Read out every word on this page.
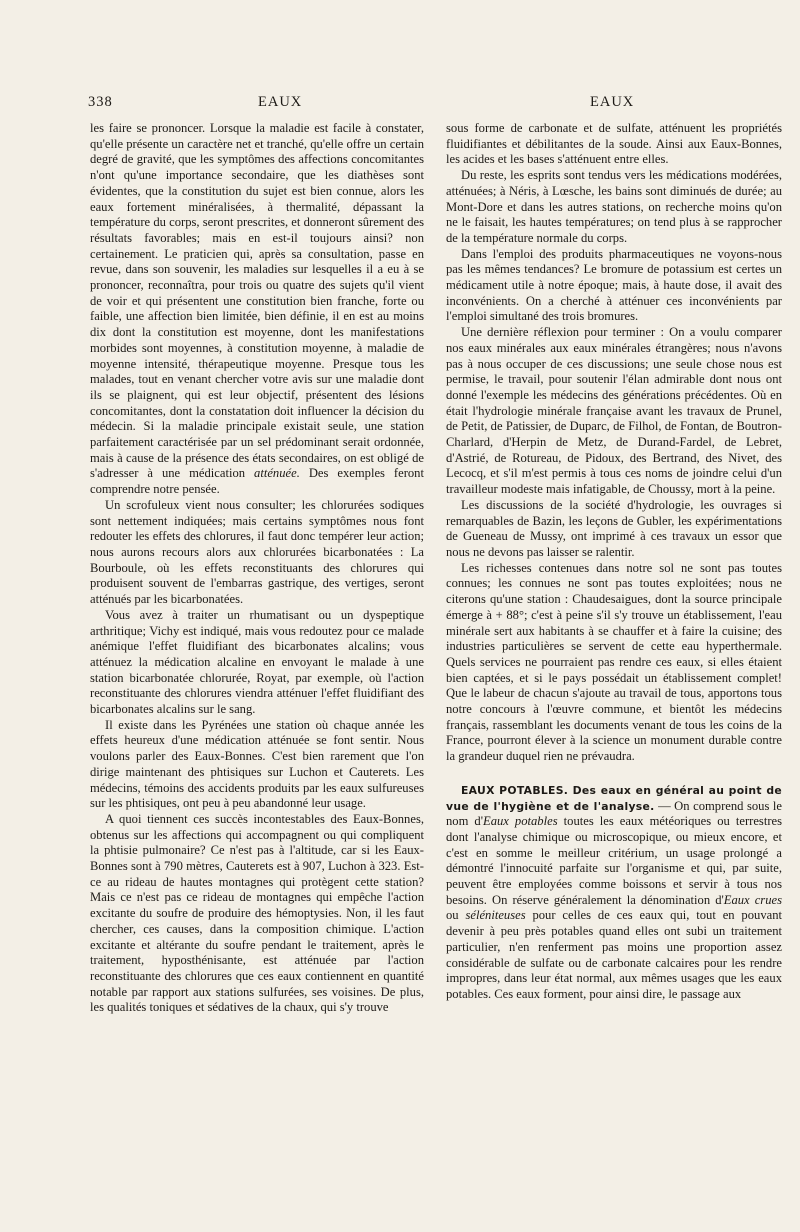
338	EAUX	EAUX

les faire se prononcer. Lorsque la maladie est facile à constater, qu'elle présente un caractère net et tranché, qu'elle offre un certain degré de gravité, que les symptômes des affections concomitantes n'ont qu'une importance secondaire, que les diathèses sont évidentes, que la constitution du sujet est bien connue, alors les eaux fortement minéralisées, à thermalité, dépassant la température du corps, seront prescrites, et donneront sûrement des résultats favorables; mais en est-il toujours ainsi? non certainement. Le praticien qui, après sa consultation, passe en revue, dans son souvenir, les maladies sur lesquelles il a eu à se prononcer, reconnaîtra, pour trois ou quatre des sujets qu'il vient de voir et qui présentent une constitution bien franche, forte ou faible, une affection bien limitée, bien définie, il en est au moins dix dont la constitution est moyenne, dont les manifestations morbides sont moyennes, à constitution moyenne, à maladie de moyenne intensité, thérapeutique moyenne. Presque tous les malades, tout en venant chercher votre avis sur une maladie dont ils se plaignent, qui est leur objectif, présentent des lésions concomitantes, dont la constatation doit influencer la décision du médecin. Si la maladie principale existait seule, une station parfaitement caractérisée par un sel prédominant serait ordonnée, mais à cause de la présence des états secondaires, on est obligé de s'adresser à une médication atténuée. Des exemples feront comprendre notre pensée.

Un scrofuleux vient nous consulter; les chlorurées sodiques sont nettement indiquées; mais certains symptômes nous font redouter les effets des chlorures, il faut donc tempérer leur action; nous aurons recours alors aux chlorurées bicarbonatées : La Bourboule, où les effets reconstituants des chlorures qui produisent souvent de l'embarras gastrique, des vertiges, seront atténués par les bicarbonatées.

Vous avez à traiter un rhumatisant ou un dyspeptique arthritique; Vichy est indiqué, mais vous redoutez pour ce malade anémique l'effet fluidifiant des bicarbonates alcalins; vous atténuez la médication alcaline en envoyant le malade à une station bicarbonatée chlorurée, Royat, par exemple, où l'action reconstituante des chlorures viendra atténuer l'effet fluidifiant des bicarbonates alcalins sur le sang.

Il existe dans les Pyrénées une station où chaque année les effets heureux d'une médication atténuée se font sentir. Nous voulons parler des Eaux-Bonnes. C'est bien rarement que l'on dirige maintenant des phtisiques sur Luchon et Cauterets. Les médecins, témoins des accidents produits par les eaux sulfureuses sur les phtisiques, ont peu à peu abandonné leur usage.

A quoi tiennent ces succès incontestables des Eaux-Bonnes, obtenus sur les affections qui accompagnent ou qui compliquent la phtisie pulmonaire? Ce n'est pas à l'altitude, car si les Eaux-Bonnes sont à 790 mètres, Cauterets est à 907, Luchon à 323. Est-ce au rideau de hautes montagnes qui protègent cette station? Mais ce n'est pas ce rideau de montagnes qui empêche l'action excitante du soufre de produire des hémoptysies. Non, il les faut chercher, ces causes, dans la composition chimique. L'action excitante et altérante du soufre pendant le traitement, après le traitement, hyposthénisante, est atténuée par l'action reconstituante des chlorures que ces eaux contiennent en quantité notable par rapport aux stations sulfurées, ses voisines. De plus, les qualités toniques et sédatives de la chaux, qui s'y trouve

sous forme de carbonate et de sulfate, atténuent les propriétés fluidifiantes et débilitantes de la soude. Ainsi aux Eaux-Bonnes, les acides et les bases s'atténuent entre elles.

Du reste, les esprits sont tendus vers les médications modérées, atténuées; à Néris, à Lœsche, les bains sont diminués de durée; au Mont-Dore et dans les autres stations, on recherche moins qu'on ne le faisait, les hautes températures; on tend plus à se rapprocher de la température normale du corps.

Dans l'emploi des produits pharmaceutiques ne voyons-nous pas les mêmes tendances? Le bromure de potassium est certes un médicament utile à notre époque; mais, à haute dose, il avait des inconvénients. On a cherché à atténuer ces inconvénients par l'emploi simultané des trois bromures.

Une dernière réflexion pour terminer : On a voulu comparer nos eaux minérales aux eaux minérales étrangères; nous n'avons pas à nous occuper de ces discussions; une seule chose nous est permise, le travail, pour soutenir l'élan admirable dont nous ont donné l'exemple les médecins des générations précédentes. Où en était l'hydrologie minérale française avant les travaux de Prunel, de Petit, de Patissier, de Duparc, de Filhol, de Fontan, de Boutron-Charlard, d'Herpin de Metz, de Durand-Fardel, de Lebret, d'Astrié, de Rotureau, de Pidoux, des Bertrand, des Nivet, des Lecocq, et s'il m'est permis à tous ces noms de joindre celui d'un travailleur modeste mais infatigable, de Choussy, mort à la peine.

Les discussions de la société d'hydrologie, les ouvrages si remarquables de Bazin, les leçons de Gubler, les expérimentations de Gueneau de Mussy, ont imprimé à ces travaux un essor que nous ne devons pas laisser se ralentir.

Les richesses contenues dans notre sol ne sont pas toutes connues; les connues ne sont pas toutes exploitées; nous ne citerons qu'une station : Chaudesaigues, dont la source principale émerge à + 88°; c'est à peine s'il s'y trouve un établissement, l'eau minérale sert aux habitants à se chauffer et à faire la cuisine; des industries particulières se servent de cette eau hyperthermale. Quels services ne pourraient pas rendre ces eaux, si elles étaient bien captées, et si le pays possédait un établissement complet! Que le labeur de chacun s'ajoute au travail de tous, apportons tous notre concours à l'œuvre commune, et bientôt les médecins français, rassemblant les documents venant de tous les coins de la France, pourront élever à la science un monument durable contre la grandeur duquel rien ne prévaudra.

EAUX POTABLES. Des eaux en général au point de vue de l'hygiène et de l'analyse. — On comprend sous le nom d'Eaux potables toutes les eaux météoriques ou terrestres dont l'analyse chimique ou microscopique, ou mieux encore, et c'est en somme le meilleur critérium, un usage prolongé a démontré l'innocuité parfaite sur l'organisme et qui, par suite, peuvent être employées comme boissons et servir à tous nos besoins. On réserve généralement la dénomination d'Eaux crues ou séléniteuses pour celles de ces eaux qui, tout en pouvant devenir à peu près potables quand elles ont subi un traitement particulier, n'en renferment pas moins une proportion assez considérable de sulfate ou de carbonate calcaires pour les rendre impropres, dans leur état normal, aux mêmes usages que les eaux potables. Ces eaux forment, pour ainsi dire, le passage aux
